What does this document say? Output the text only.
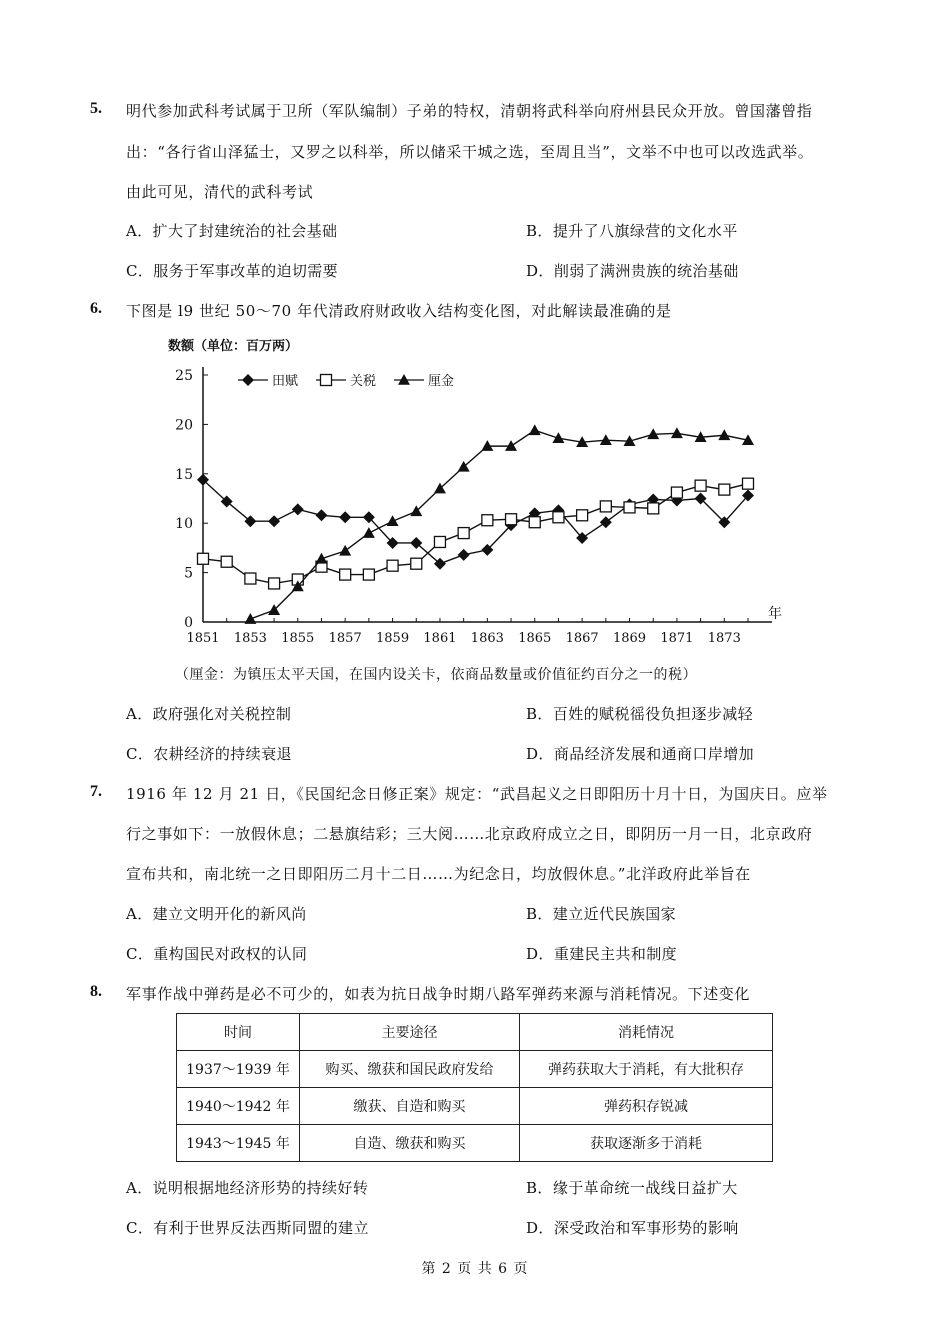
5. 明代参加武科考试属于卫所（军队编制）子弟的特权，清朝将武科举向府州县民众开放。曾国藩曾指
出：“各行省山泽猛士，又罗之以科举，所以储采干城之选，至周且当”，文举不中也可以改选武举。
由此可见，清代的武科考试
A．扩大了封建统治的社会基础	B．提升了八旗绿营的文化水平
C．服务于军事改革的迫切需要	D．削弱了满洲贵族的统治基础
6. 下图是 l9 世纪 50～70 年代清政府财政收入结构变化图，对此解读最准确的是
0
5
10
15
20
25
1851 1853 1855 1857 1859 1861 1863 1865 1867 1869 1871 1873
数额（单位：百万两）
年
田赋	关税	厘金
（厘金：为镇压太平天国，在国内设关卡，依商品数量或价值征约百分之一的税）
A．政府强化对关税控制	B．百姓的赋税徭役负担逐步减轻
C．农耕经济的持续衰退	D．商品经济发展和通商口岸增加
7. 1916 年 12 月 21 日，《民国纪念日修正案》规定：“武昌起义之日即阳历十月十日，为国庆日。应举
行之事如下：一放假休息；二悬旗结彩；三大阅……北京政府成立之日，即阴历一月一日，北京政府
宣布共和，南北统一之日即阳历二月十二日……为纪念日，均放假休息。”北洋政府此举旨在
A．建立文明开化的新风尚	B．建立近代民族国家
C．重构国民对政权的认同	D．重建民主共和制度
8. 军事作战中弹药是必不可少的，如表为抗日战争时期八路军弹药来源与消耗情况。下述变化
时间	主要途径	消耗情况
1937～1939 年	购买、缴获和国民政府发给	弹药获取大于消耗，有大批积存
1940～1942 年	缴获、自造和购买	弹药积存锐减
1943～1945 年	自造、缴获和购买	获取逐渐多于消耗
A．说明根据地经济形势的持续好转	B．缘于革命统一战线日益扩大
C．有利于世界反法西斯同盟的建立	D．深受政治和军事形势的影响
第 2 页 共 6 页
